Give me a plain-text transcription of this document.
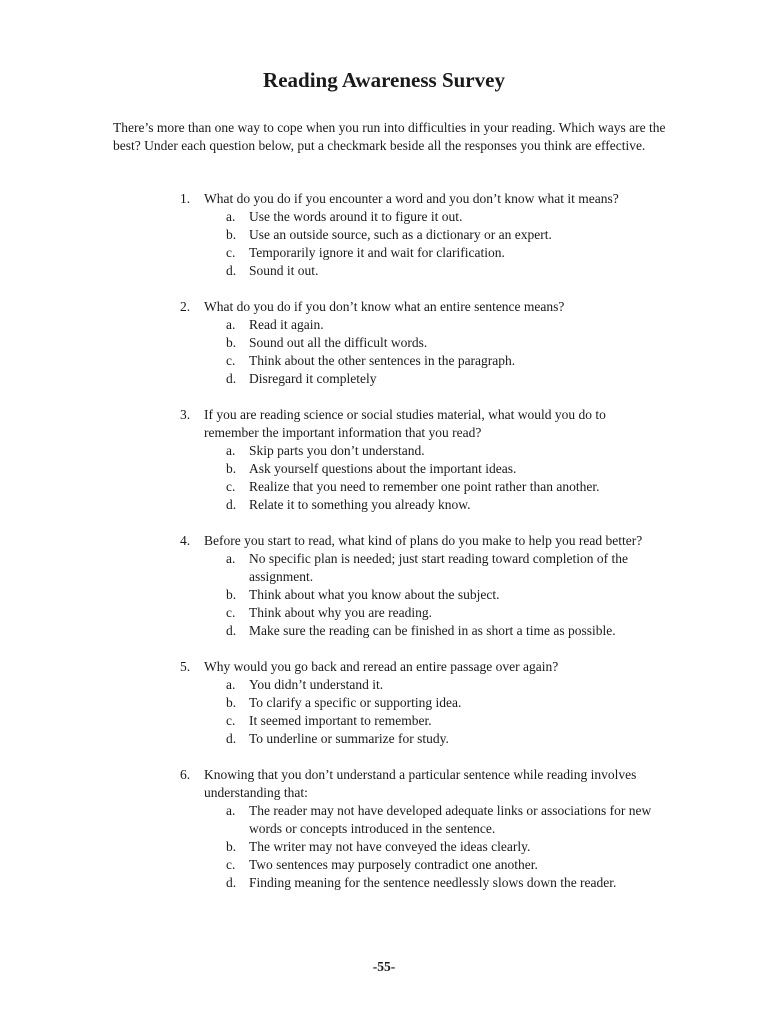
Reading Awareness Survey
There’s more than one way to cope when you run into difficulties in your reading. Which ways are the best? Under each question below, put a checkmark beside all the responses you think are effective.
1. What do you do if you encounter a word and you don’t know what it means?
a. Use the words around it to figure it out.
b. Use an outside source, such as a dictionary or an expert.
c. Temporarily ignore it and wait for clarification.
d. Sound it out.
2. What do you do if you don’t know what an entire sentence means?
a. Read it again.
b. Sound out all the difficult words.
c. Think about the other sentences in the paragraph.
d. Disregard it completely
3. If you are reading science or social studies material, what would you do to remember the important information that you read?
a. Skip parts you don’t understand.
b. Ask yourself questions about the important ideas.
c. Realize that you need to remember one point rather than another.
d. Relate it to something you already know.
4. Before you start to read, what kind of plans do you make to help you read better?
a. No specific plan is needed; just start reading toward completion of the assignment.
b. Think about what you know about the subject.
c. Think about why you are reading.
d. Make sure the reading can be finished in as short a time as possible.
5. Why would you go back and reread an entire passage over again?
a. You didn’t understand it.
b. To clarify a specific or supporting idea.
c. It seemed important to remember.
d. To underline or summarize for study.
6. Knowing that you don’t understand a particular sentence while reading involves understanding that:
a. The reader may not have developed adequate links or associations for new words or concepts introduced in the sentence.
b. The writer may not have conveyed the ideas clearly.
c. Two sentences may purposely contradict one another.
d. Finding meaning for the sentence needlessly slows down the reader.
-55-
